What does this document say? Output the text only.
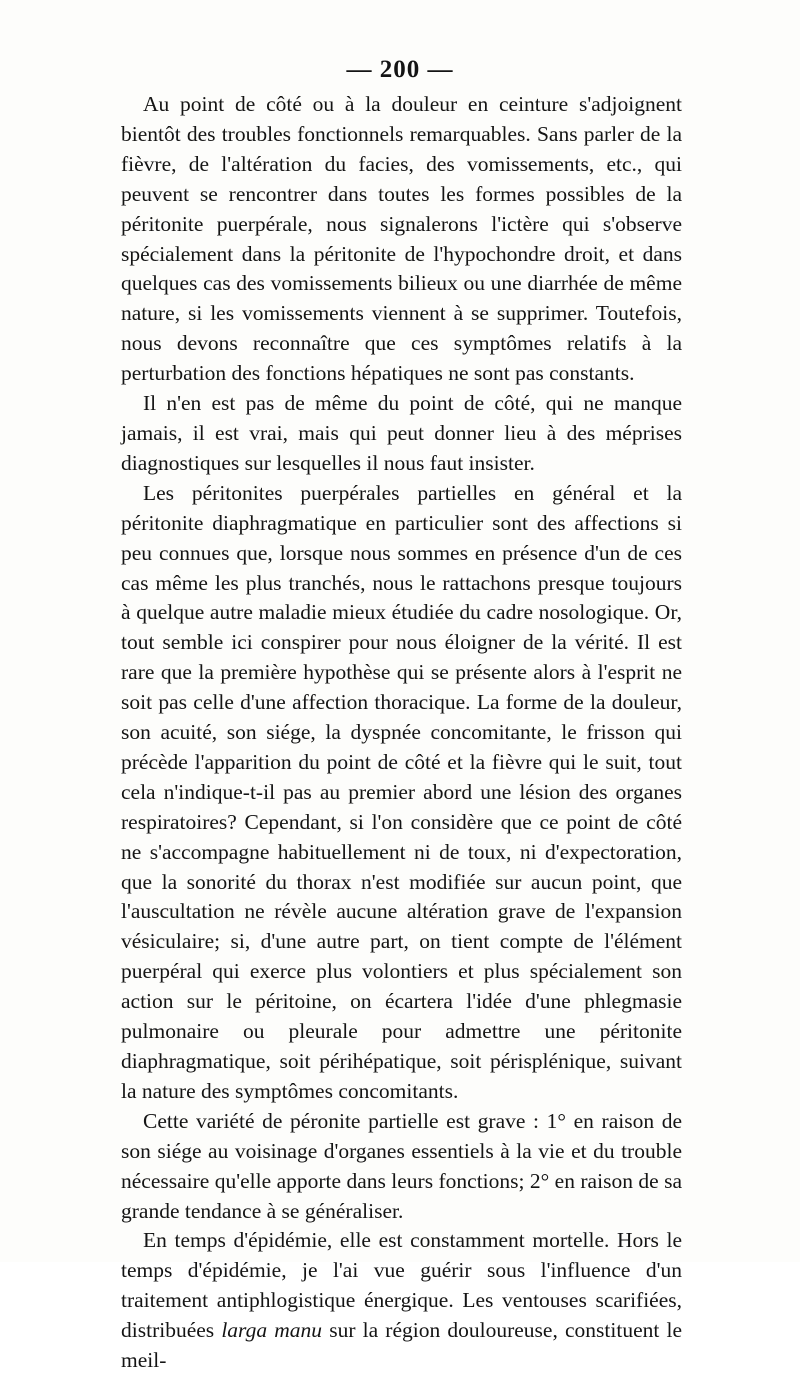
— 200 —

Au point de côté ou à la douleur en ceinture s'adjoignent bientôt des troubles fonctionnels remarquables. Sans parler de la fièvre, de l'altération du facies, des vomissements, etc., qui peuvent se rencontrer dans toutes les formes possibles de la péritonite puerpérale, nous signalerons l'ictère qui s'observe spécialement dans la péritonite de l'hypochondre droit, et dans quelques cas des vomissements bilieux ou une diarrhée de même nature, si les vomissements viennent à se supprimer. Toutefois, nous devons reconnaître que ces symptômes relatifs à la perturbation des fonctions hépatiques ne sont pas constants.

Il n'en est pas de même du point de côté, qui ne manque jamais, il est vrai, mais qui peut donner lieu à des méprises diagnostiques sur lesquelles il nous faut insister.

Les péritonites puerpérales partielles en général et la péritonite diaphragmatique en particulier sont des affections si peu connues que, lorsque nous sommes en présence d'un de ces cas même les plus tranchés, nous le rattachons presque toujours à quelque autre maladie mieux étudiée du cadre nosologique. Or, tout semble ici conspirer pour nous éloigner de la vérité. Il est rare que la première hypothèse qui se présente alors à l'esprit ne soit pas celle d'une affection thoracique. La forme de la douleur, son acuité, son siége, la dyspnée concomitante, le frisson qui précède l'apparition du point de côté et la fièvre qui le suit, tout cela n'indique-t-il pas au premier abord une lésion des organes respiratoires? Cependant, si l'on considère que ce point de côté ne s'accompagne habituellement ni de toux, ni d'expectoration, que la sonorité du thorax n'est modifiée sur aucun point, que l'auscultation ne révèle aucune altération grave de l'expansion vésiculaire; si, d'une autre part, on tient compte de l'élément puerpéral qui exerce plus volontiers et plus spécialement son action sur le péritoine, on écartera l'idée d'une phlegmasie pulmonaire ou pleurale pour admettre une péritonite diaphragmatique, soit périhépatique, soit périsplénique, suivant la nature des symptômes concomitants.

Cette variété de péronite partielle est grave : 1° en raison de son siége au voisinage d'organes essentiels à la vie et du trouble nécessaire qu'elle apporte dans leurs fonctions; 2° en raison de sa grande tendance à se généraliser.

En temps d'épidémie, elle est constamment mortelle. Hors le temps d'épidémie, je l'ai vue guérir sous l'influence d'un traitement antiphlogistique énergique. Les ventouses scarifiées, distribuées larga manu sur la région douloureuse, constituent le meil-
